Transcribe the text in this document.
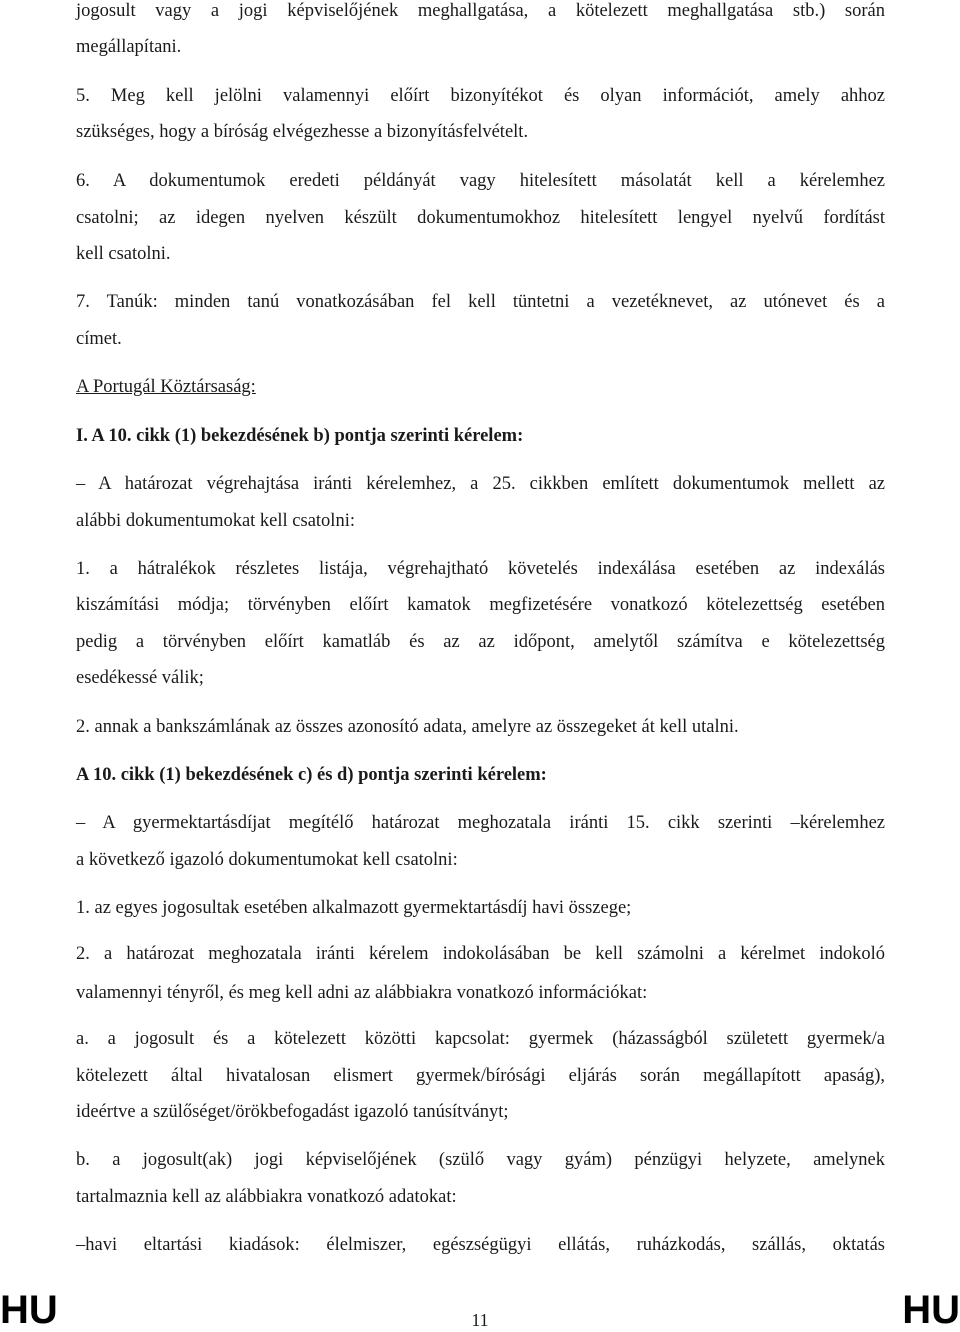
jogosult vagy a jogi képviselőjének meghallgatása, a kötelezett meghallgatása stb.) során
megállapítani.
5. Meg kell jelölni valamennyi előírt bizonyítékot és olyan információt, amely ahhoz
szükséges, hogy a bíróság elvégezhesse a bizonyításfelvételt.
6. A dokumentumok eredeti példányát vagy hitelesített másolatát kell a kérelemhez
csatolni; az idegen nyelven készült dokumentumokhoz hitelesített lengyel nyelvű fordítást
kell csatolni.
7. Tanúk: minden tanú vonatkozásában fel kell tüntetni a vezetéknevet, az utónevet és a
címet.
A Portugál Köztársaság:
I. A 10. cikk (1) bekezdésének b) pontja szerinti kérelem:
– A határozat végrehajtása iránti kérelemhez, a 25. cikkben említett dokumentumok mellett az
alábbi dokumentumokat kell csatolni:
1. a hátralékok részletes listája, végrehajtható követelés indexálása esetében az indexálás
kiszámítási módja; törvényben előírt kamatok megfizetésére vonatkozó kötelezettség esetében
pedig a törvényben előírt kamatláb és az az időpont, amelytől számítva e kötelezettség
esedékessé válik;
2. annak a bankszámlának az összes azonosító adata, amelyre az összegeket át kell utalni.
A 10. cikk (1) bekezdésének c) és d) pontja szerinti kérelem:
– A gyermektartásdíjat megítélő határozat meghozatala iránti 15. cikk szerinti –kérelemhez
a következő igazoló dokumentumokat kell csatolni:
1. az egyes jogosultak esetében alkalmazott gyermektartásdíj havi összege;
2. a határozat meghozatala iránti kérelem indokolásában be kell számolni a kérelmet indokoló
valamennyi tényről, és meg kell adni az alábbiakra vonatkozó információkat:
a. a jogosult és a kötelezett közötti kapcsolat: gyermek (házasságból született gyermek/a
kötelezett által hivatalosan elismert gyermek/bírósági eljárás során megállapított apaság),
ideértve a szülőséget/örökbefogadást igazoló tanúsítványt;
b. a jogosult(ak) jogi képviselőjének (szülő vagy gyám) pénzügyi helyzete, amelynek
tartalmaznia kell az alábbiakra vonatkozó adatokat:
–havi eltartási kiadások: élelmiszer, egészségügyi ellátás, ruházkodás, szállás, oktatás
HU	11	HU
